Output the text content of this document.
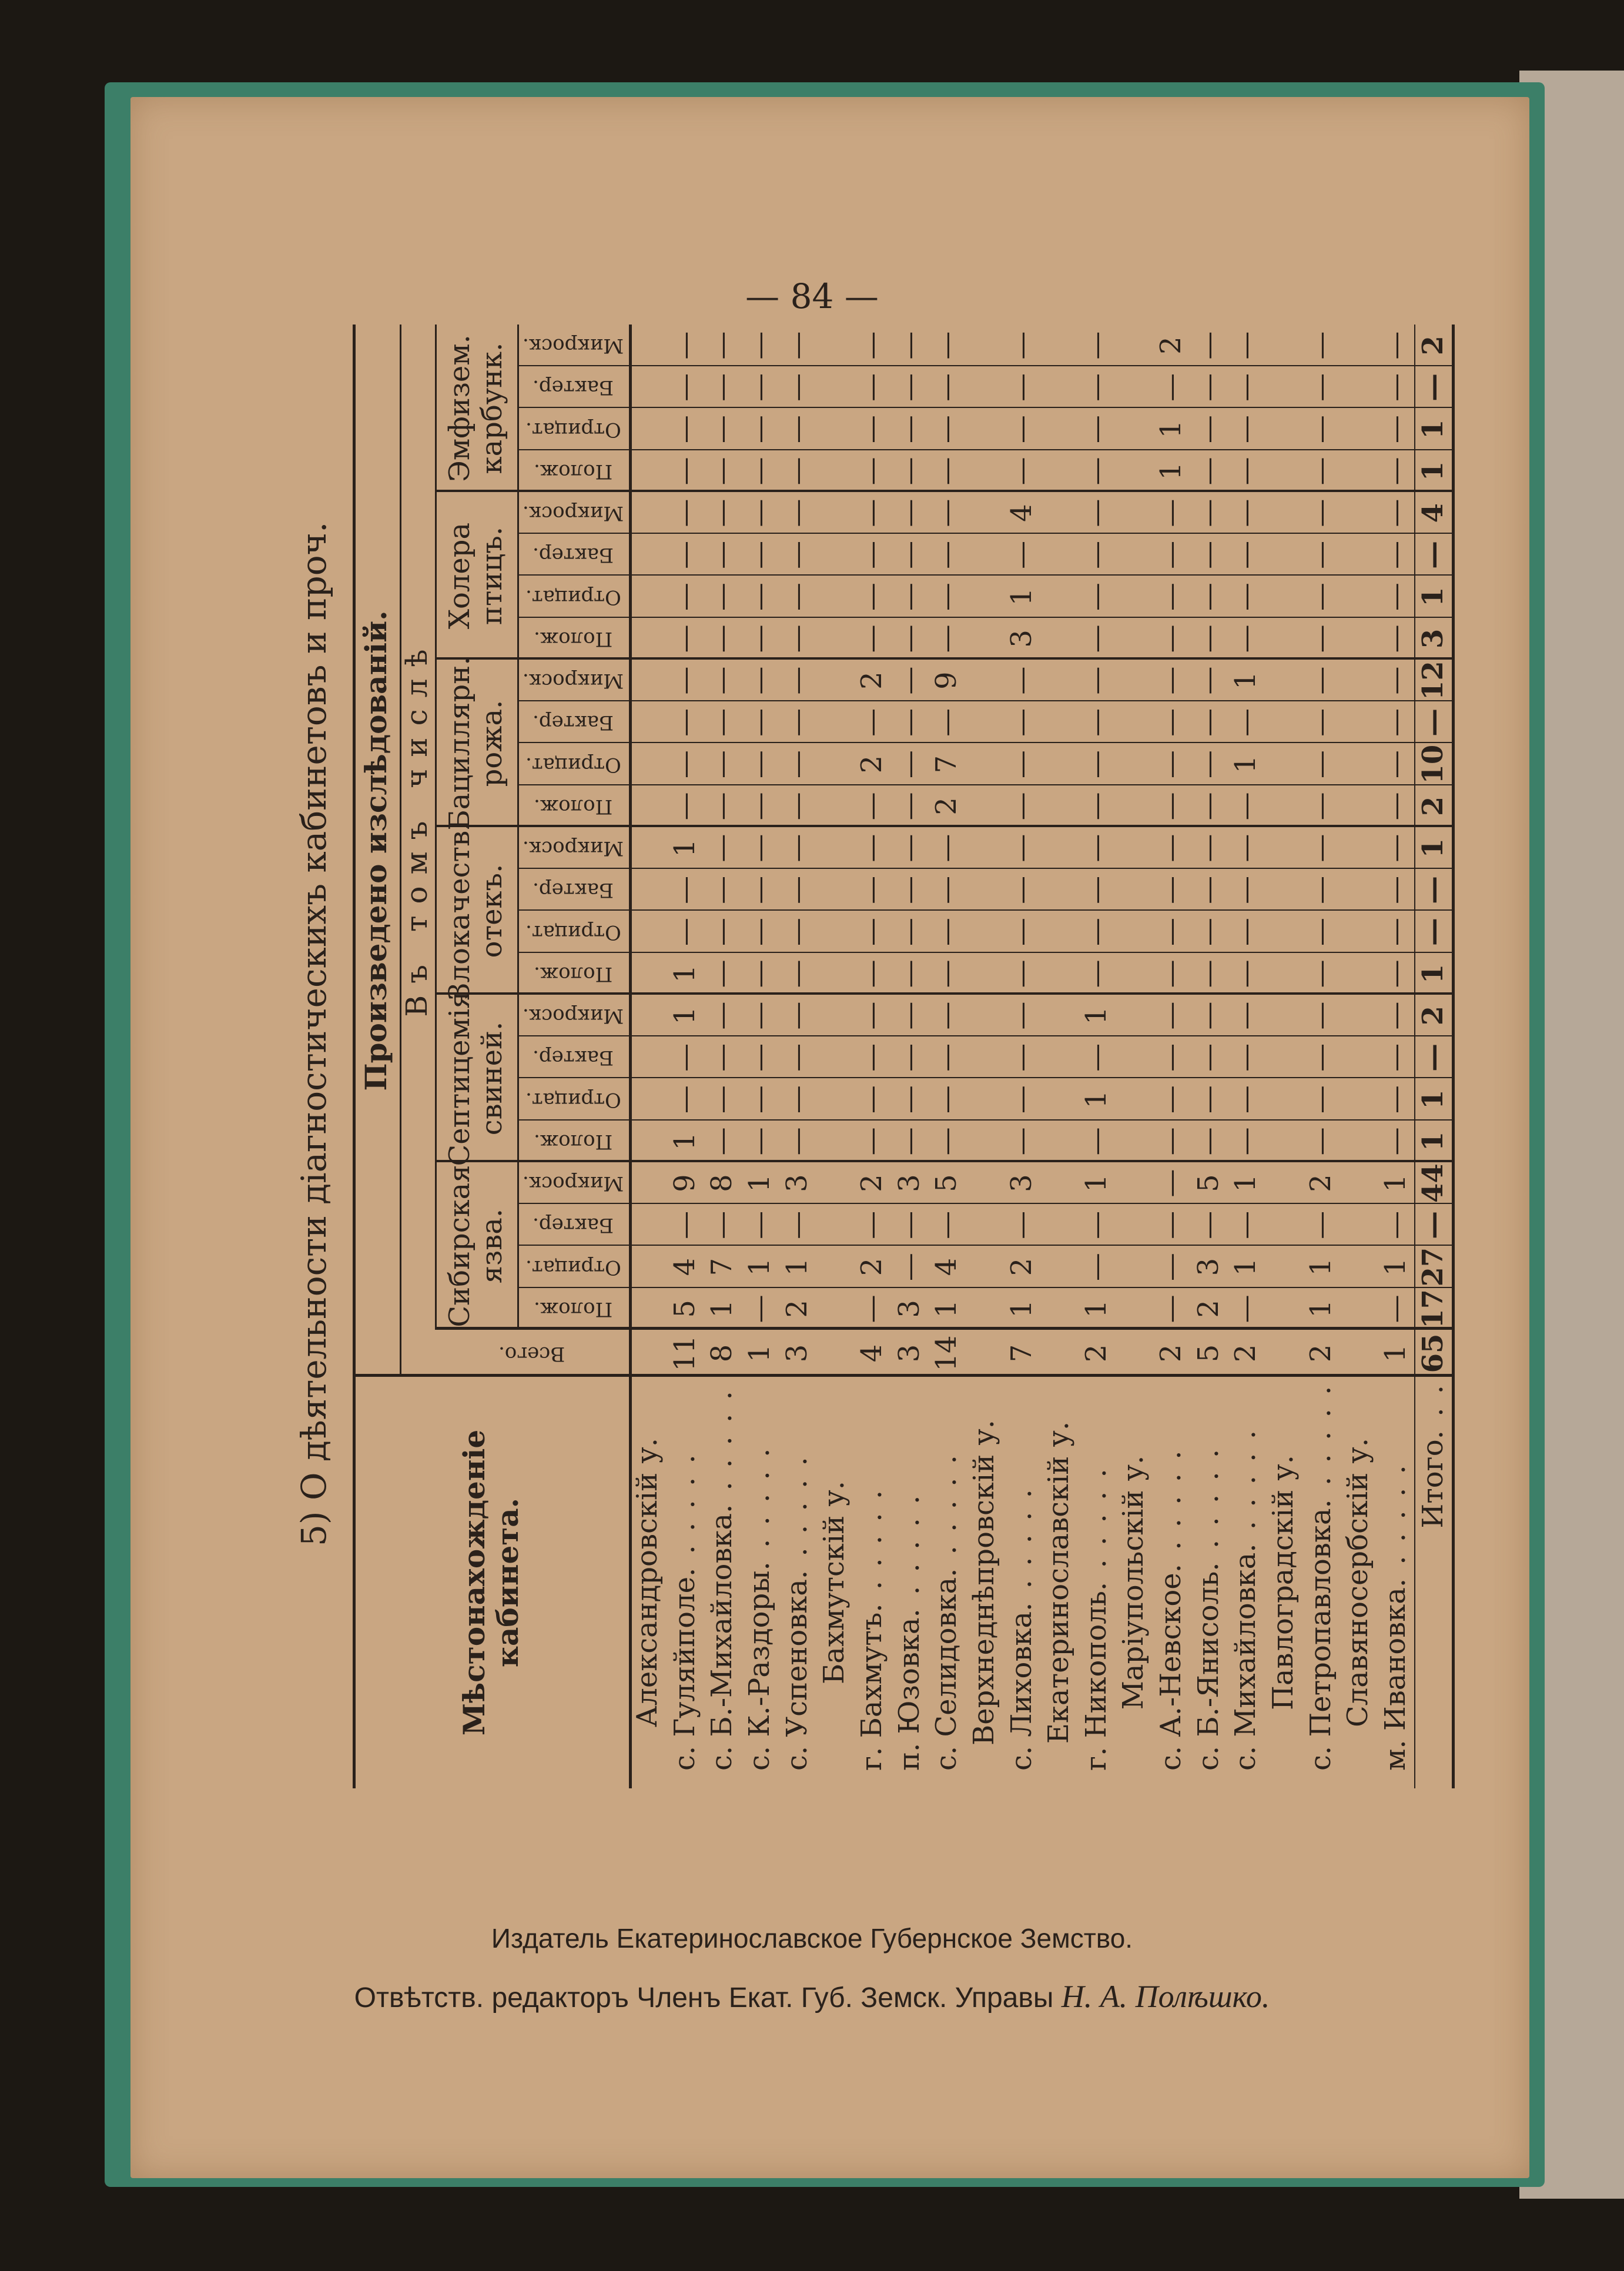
— 84 —
5) О дѣятельности діагностическихъ кабинетовъ и проч.
Мѣстонахожденіе кабинета.
Всего.
Произведено изслѣдованій. Въ томъ числѣ
Сибирская язва.
Полож.
Отрицат.
Бактер.
Микроск.
Септицемія свиней.
Полож.
Отрицат.
Бактер.
Микроск.
Злокачеств. отекъ.
Полож.
Отрицат.
Бактер.
Микроск.
Бациллярн. рожа.
Полож.
Отрицат.
Бактер.
Микроск.
Холера птицъ.
Полож.
Отрицат.
Бактер.
Микроск.
Эмфизем. карбунк.	Полож.
Отрицат.
Бактер.
Микроск.
Александровскій у. с. Гуляйполе
. . . . . .
11
5
4
—
9
1
—
—
1
1
—
—
1
—
—
—
—
—
—
—
—
—
—
—
—
с. Б.-Михайловка
. . . . . .
8
1
7
—
8
—
—
—
—
—
—
—
—
—
—
—
—
—
—
—
—
—
—
—
—
с. К.-Раздоры
. . . . . .
1
—
1
—
1
—
—
—
—
—
—
—
—
—
—
—
—
—
—
—
—
—
—
—
—
с. Успеновка
. . . . . .
3
2
1
—
3
—
—
—
—
—
—
—
—
—
—
—
—
—
—
—
—
—
—
—
—
Бахмутскій у.
г. Бахмутъ
. . . . . .
4
—
2
—
2
—
—
—
—
—
—
—
—
—
2
—
2
—
—
—
—
—
—
—
—
п. Юзовка
. . . . . .
3
3
—
—
3
—
—
—
—
—
—
—
—
—
—
—
—
—
—
—
—
—
—
—
—
с. Селидовка
. . . . . .
14
1
4
—
5
—
—
—
—
—
—
—
—
2
7
—
9
—
—
—
—
—
—
—
—
Верхнеднѣпровскій у. с. Лиховка
. . . . . .
7
1
2
—
3
—
—
—
—
—
—
—
—
—
—
—
—
3
1
—
4
—
—
—
—
Екатеринославскій у. г. Никополь
. . . . . .
2
1
—
—
1
—
1
—
1
—
—
—
—
—
—
—
—
—
—
—
—
—
—
—
—
Маріупольскій у. с. А.-Невское
. . . . . .
2
—
—
—
—
—
—
—
—
—
—
—
—
—
—
—
—
—
—
—
—
1
1
—
2
с. Б.-Янисоль
. . . . . .
5
2
3
—
5
—
—
—
—
—
—
—
—
—
—
—
—
—
—
—
—
—
—
—
—
с. Михайловка
. . . . . .
2
—
1
—
1
—
—
—
—
—
—
—
—
—
1
—
1
—
—
—
—
—
—
—
—
Павлоградскій у. с. Петропавловка
. . . . . .
2
1
1
—
2
—
—
—
—
—
—
—
—
—
—
—
—
—
—
—
—
—
—
—
—
Славяносербскій у. м. Ивановка
. . . . . .
1
—
1
—
1
—
—
—
—
—
—
—
—
—
—
—
—
—
—
—
—
—
—
—
—
Итого
. . .
65
17
27
—
44
1
1
—
2
1
—
—
1
2
10
—
12
3
1
—
4
1
1
—
2
Издатель Екатеринославское Губернское Земство.
Отвѣтств. редакторъ Членъ Екат. Губ. Земск. Управы Н. А. Полѣшко.
